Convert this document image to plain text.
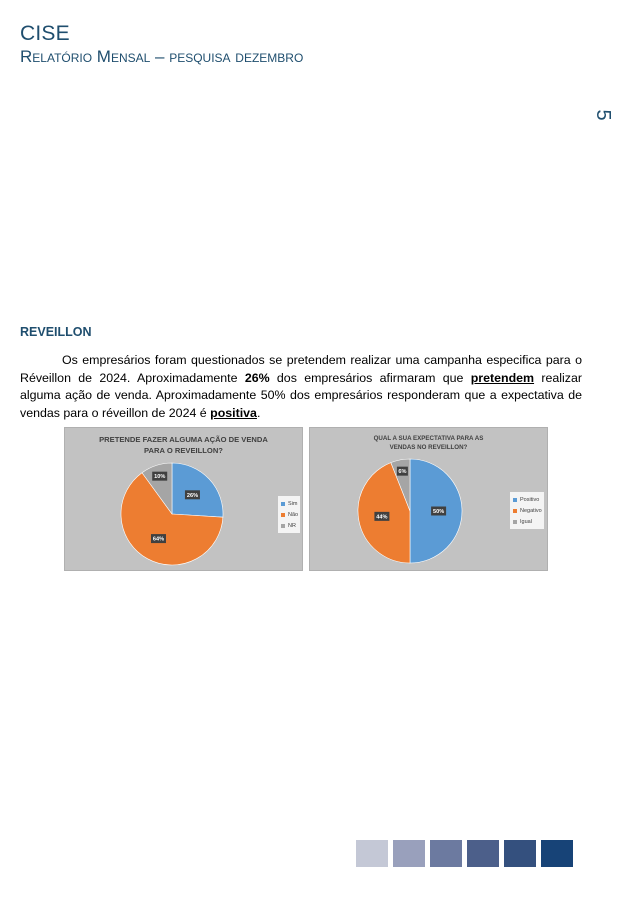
CISE
Relatório Mensal – pesquisa dezembro
5
REVEILLON

Os empresários foram questionados se pretendem realizar uma campanha especifica para o Réveillon de 2024. Aproximadamente 26% dos empresários afirmaram que pretendem realizar alguma ação de venda. Aproximadamente 50% dos empresários responderam que a expectativa de vendas para o réveillon de 2024 é positiva.

PRETENDE FAZER ALGUMA AÇÃO DE VENDA PARA O REVEILLON?
26%
64%
10%
Sim
Não
NR
QUAL A SUA EXPECTATIVA PARA AS VENDAS NO REVEILLON?
50%
44%
6%
Positivo
Negativo
Igual
